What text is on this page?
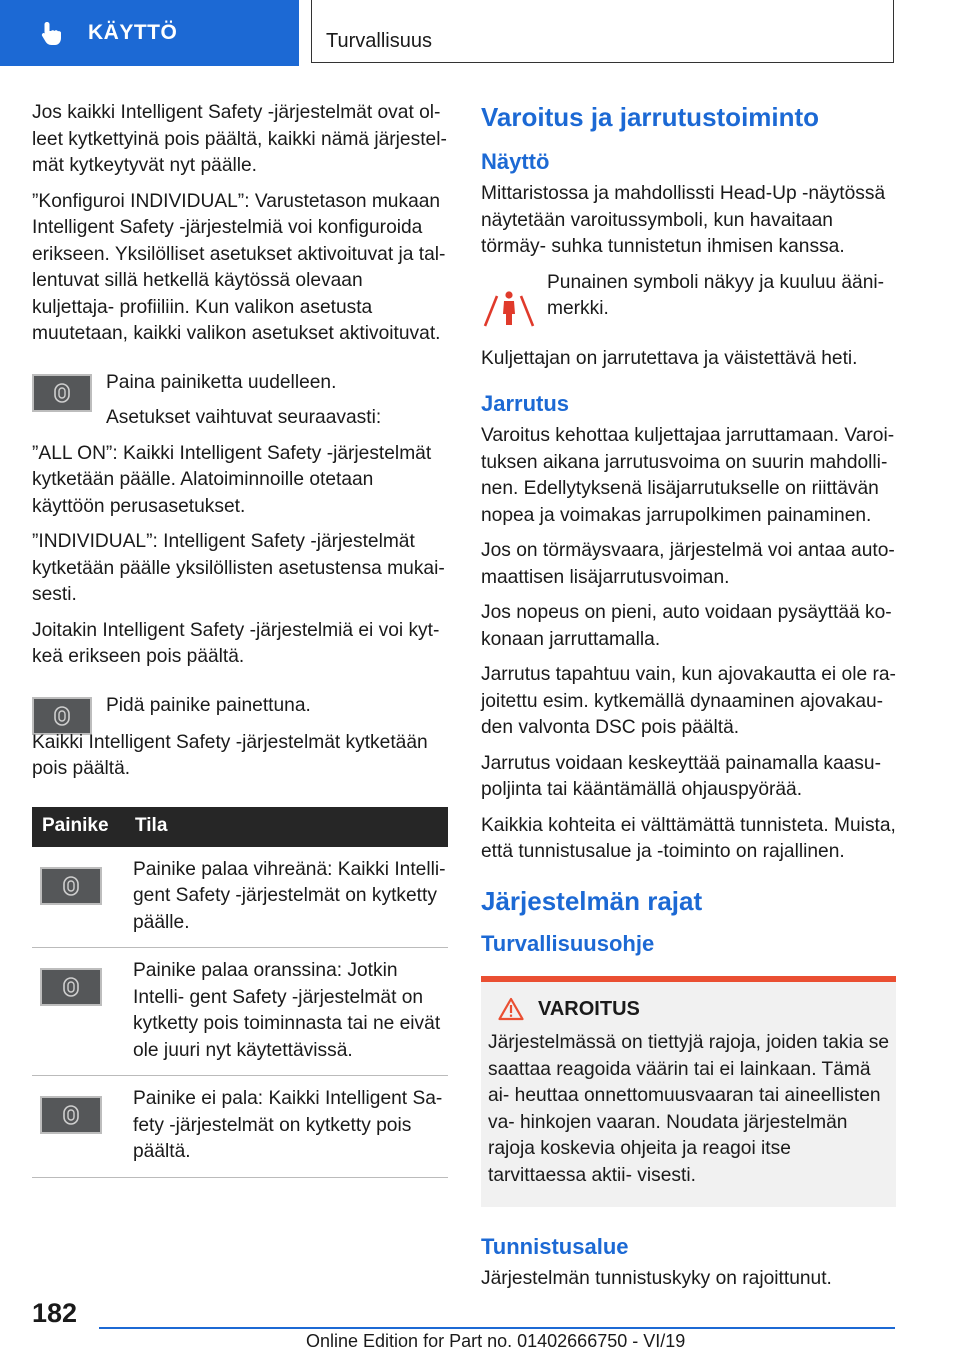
KÄYTTÖ	Turvallisuus

Jos kaikki Intelligent Safety -järjestelmät ovat ol- leet kytkettyinä pois päältä, kaikki nämä järjestel- mät kytkeytyvät nyt päälle.

”Konfiguroi INDIVIDUAL”: Varustetason mukaan Intelligent Safety -järjestelmiä voi konfiguroida erikseen. Yksilölliset asetukset aktivoituvat ja tal- lentuvat sillä hetkellä käytössä olevaan kuljettaja- profiiliin. Kun valikon asetusta muutetaan, kaikki valikon asetukset aktivoituvat.

Paina painiketta uudelleen.

Asetukset vaihtuvat seuraavasti:

”ALL ON”: Kaikki Intelligent Safety -järjestelmät kytketään päälle. Alatoiminnoille otetaan käyttöön perusasetukset.

”INDIVIDUAL”: Intelligent Safety -järjestelmät kytketään päälle yksilöllisten asetustensa mukai- sesti.

Joitakin Intelligent Safety -järjestelmiä ei voi kyt- keä erikseen pois päältä.

Pidä painike painettuna.

Kaikki Intelligent Safety -järjestelmät kytketään pois päältä.

Painike	Tila

	Painike palaa vihreänä: Kaikki Intelli- gent Safety -järjestelmät on kytketty päälle.

	Painike palaa oranssina: Jotkin Intelli- gent Safety -järjestelmät on kytketty pois toiminnasta tai ne eivät ole juuri nyt käytettävissä.

	Painike ei pala: Kaikki Intelligent Sa- fety -järjestelmät on kytketty pois päältä.
Varoitus ja jarrutustoiminto
Näyttö

Mittaristossa ja mahdollissti Head-Up -näytössä näytetään varoitussymboli, kun havaitaan törmäy- suhka tunnistetun ihmisen kanssa.

Punainen symboli näkyy ja kuuluu ääni- merkki.

Kuljettajan on jarrutettava ja väistettävä heti.

Jarrutus

Varoitus kehottaa kuljettajaa jarruttamaan. Varoi- tuksen aikana jarrutusvoima on suurin mahdolli- nen. Edellytyksenä lisäjarrutukselle on riittävän nopea ja voimakas jarrupolkimen painaminen.

Jos on törmäysvaara, järjestelmä voi antaa auto- maattisen lisäjarrutusvoiman.

Jos nopeus on pieni, auto voidaan pysäyttää ko- konaan jarruttamalla.

Jarrutus tapahtuu vain, kun ajovakautta ei ole ra- joitettu esim. kytkemällä dynaaminen ajovakau- den valvonta DSC pois päältä.

Jarrutus voidaan keskeyttää painamalla kaasu- poljinta tai kääntämällä ohjauspyörää.

Kaikkia kohteita ei välttämättä tunnisteta. Muista, että tunnistusalue ja -toiminto on rajallinen.

Järjestelmän rajat
Turvallisuusohje
VAROITUS

Järjestelmässä on tiettyjä rajoja, joiden takia se saattaa reagoida väärin tai ei lainkaan. Tämä ai- heuttaa onnettomuusvaaran tai aineellisten va- hinkojen vaaran. Noudata järjestelmän rajoja koskevia ohjeita ja reagoi itse tarvittaessa aktii- visesti.

Tunnistusalue

Järjestelmän tunnistuskyky on rajoittunut.

182
Online Edition for Part no. 01402666750 - VI/19
